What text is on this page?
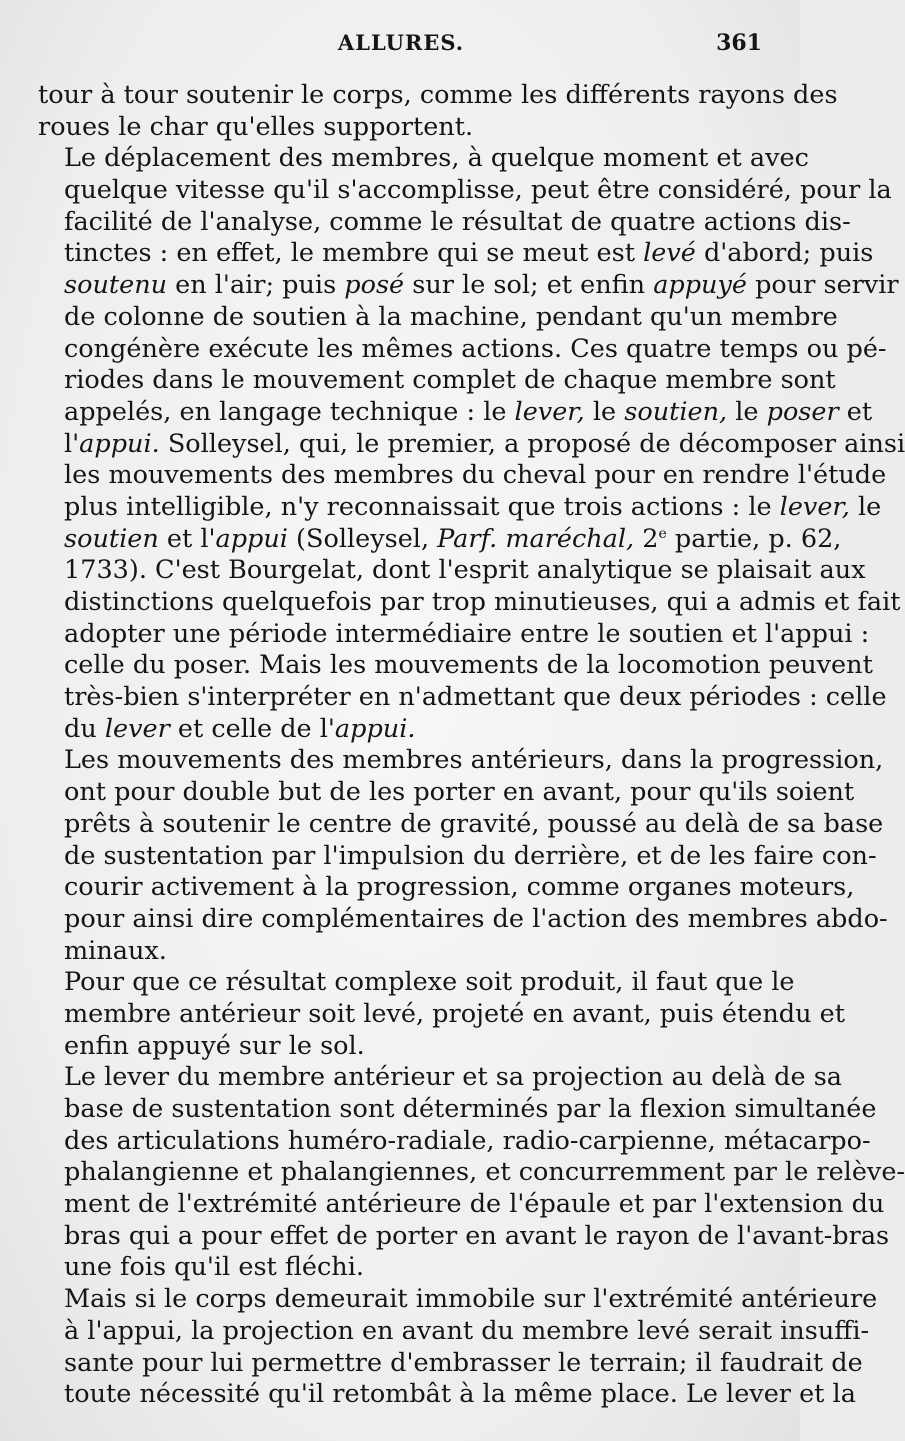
ALLURES.	361

tour à tour soutenir le corps, comme les différents rayons des
roues le char qu'elles supportent.

Le déplacement des membres, à quelque moment et avec
quelque vitesse qu'il s'accomplisse, peut être considéré, pour la
facilité de l'analyse, comme le résultat de quatre actions dis-
tinctes : en effet, le membre qui se meut est levé d'abord; puis
soutenu en l'air; puis posé sur le sol; et enfin appuyé pour servir
de colonne de soutien à la machine, pendant qu'un membre
congénère exécute les mêmes actions. Ces quatre temps ou pé-
riodes dans le mouvement complet de chaque membre sont
appelés, en langage technique : le lever, le soutien, le poser et
l'appui. Solleysel, qui, le premier, a proposé de décomposer ainsi
les mouvements des membres du cheval pour en rendre l'étude
plus intelligible, n'y reconnaissait que trois actions : le lever, le
soutien et l'appui (Solleysel, Parf. maréchal, 2e partie, p. 62,
1733). C'est Bourgelat, dont l'esprit analytique se plaisait aux
distinctions quelquefois par trop minutieuses, qui a admis et fait
adopter une période intermédiaire entre le soutien et l'appui :
celle du poser. Mais les mouvements de la locomotion peuvent
très-bien s'interpréter en n'admettant que deux périodes : celle
du lever et celle de l'appui.

Les mouvements des membres antérieurs, dans la progression,
ont pour double but de les porter en avant, pour qu'ils soient
prêts à soutenir le centre de gravité, poussé au delà de sa base
de sustentation par l'impulsion du derrière, et de les faire con-
courir activement à la progression, comme organes moteurs,
pour ainsi dire complémentaires de l'action des membres abdo-
minaux.

Pour que ce résultat complexe soit produit, il faut que le
membre antérieur soit levé, projeté en avant, puis étendu et
enfin appuyé sur le sol.

Le lever du membre antérieur et sa projection au delà de sa
base de sustentation sont déterminés par la flexion simultanée
des articulations huméro-radiale, radio-carpienne, métacarpo-
phalangienne et phalangiennes, et concurremment par le relève-
ment de l'extrémité antérieure de l'épaule et par l'extension du
bras qui a pour effet de porter en avant le rayon de l'avant-bras
une fois qu'il est fléchi.

Mais si le corps demeurait immobile sur l'extrémité antérieure
à l'appui, la projection en avant du membre levé serait insuffi-
sante pour lui permettre d'embrasser le terrain; il faudrait de
toute nécessité qu'il retombât à la même place. Le lever et la
